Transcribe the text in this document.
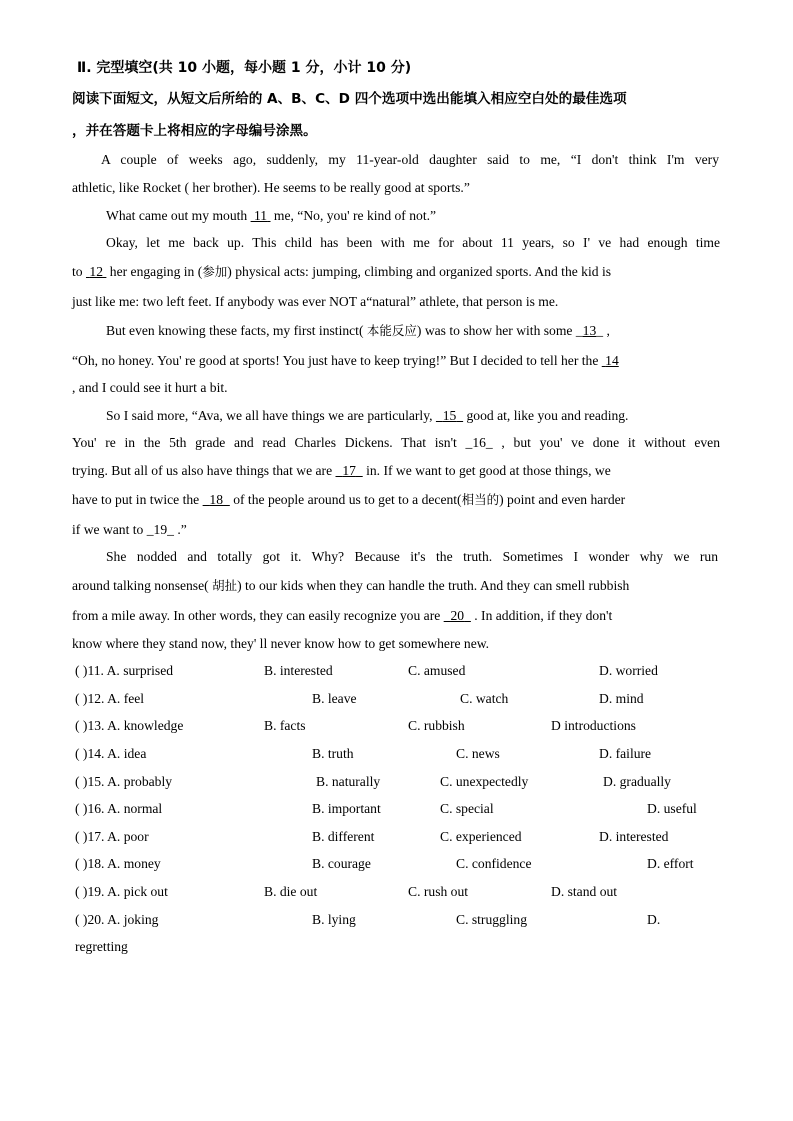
Ⅱ. 完型填空(共 10 小题，每小题 1 分，小计 10 分)
阅读下面短文，从短文后所给的 A、B、C、D 四个选项中选出能填入相应空白处的最佳选项
，并在答题卡上将相应的字母编号涂黑。
A couple of weeks ago, suddenly, my 11-year-old daughter said to me, “I don't think I'm very
athletic, like Rocket ( her brother). He seems to be really good at sports.”
What came out my mouth  11  me, “No, you' re kind of not.”
Okay, let me back up. This child has been with me for about 11 years, so I' ve had enough time
to  12  her engaging in (参加) physical acts: jumping, climbing and organized sports. And the kid is
just like me: two left feet. If anybody was ever NOT a“natural” athlete, that person is me.
But even knowing these facts, my first instinct( 本能反应) was to show her with some _13_ ,
“Oh, no honey. You' re good at sports! You just have to keep trying!” But I decided to tell her the  14
, and I could see it hurt a bit.
So I said more, “Ava, we all have things we are particularly,   15   good at, like you and reading.
You' re in the 5th grade and read Charles Dickens. That isn't _16_ , but you' ve done it without even
trying. But all of us also have things that we are   17   in. If we want to get good at those things, we
have to put in twice the   18   of the people around us to get to a decent(相当的) point and even harder
if we want to _19_ .”
She nodded and totally got it. Why? Because it's the truth. Sometimes I wonder why we run
around talking nonsense( 胡扯) to our kids when they can handle the truth. And they can smell rubbish
from a mile away. In other words, they can easily recognize you are   20   . In addition, if they don't
know where they stand now, they' ll never know how to get somewhere new.
( )11. A. surprised	B. interested	C. amused	D. worried
( )12. A. feel	B. leave	C. watch	D. mind
( )13. A. knowledge	B. facts	C. rubbish	D introductions
( )14. A. idea	B. truth	C. news	D. failure
( )15. A. probably	B. naturally	C. unexpectedly	D. gradually
( )16. A. normal	B. important	C. special	D. useful
( )17. A. poor	B. different	C. experienced	D. interested
( )18. A. money	B. courage	C. confidence	D. effort
( )19. A. pick out	B. die out	C. rush out	D. stand out
( )20. A. joking	B. lying	C. struggling	D.
regretting
